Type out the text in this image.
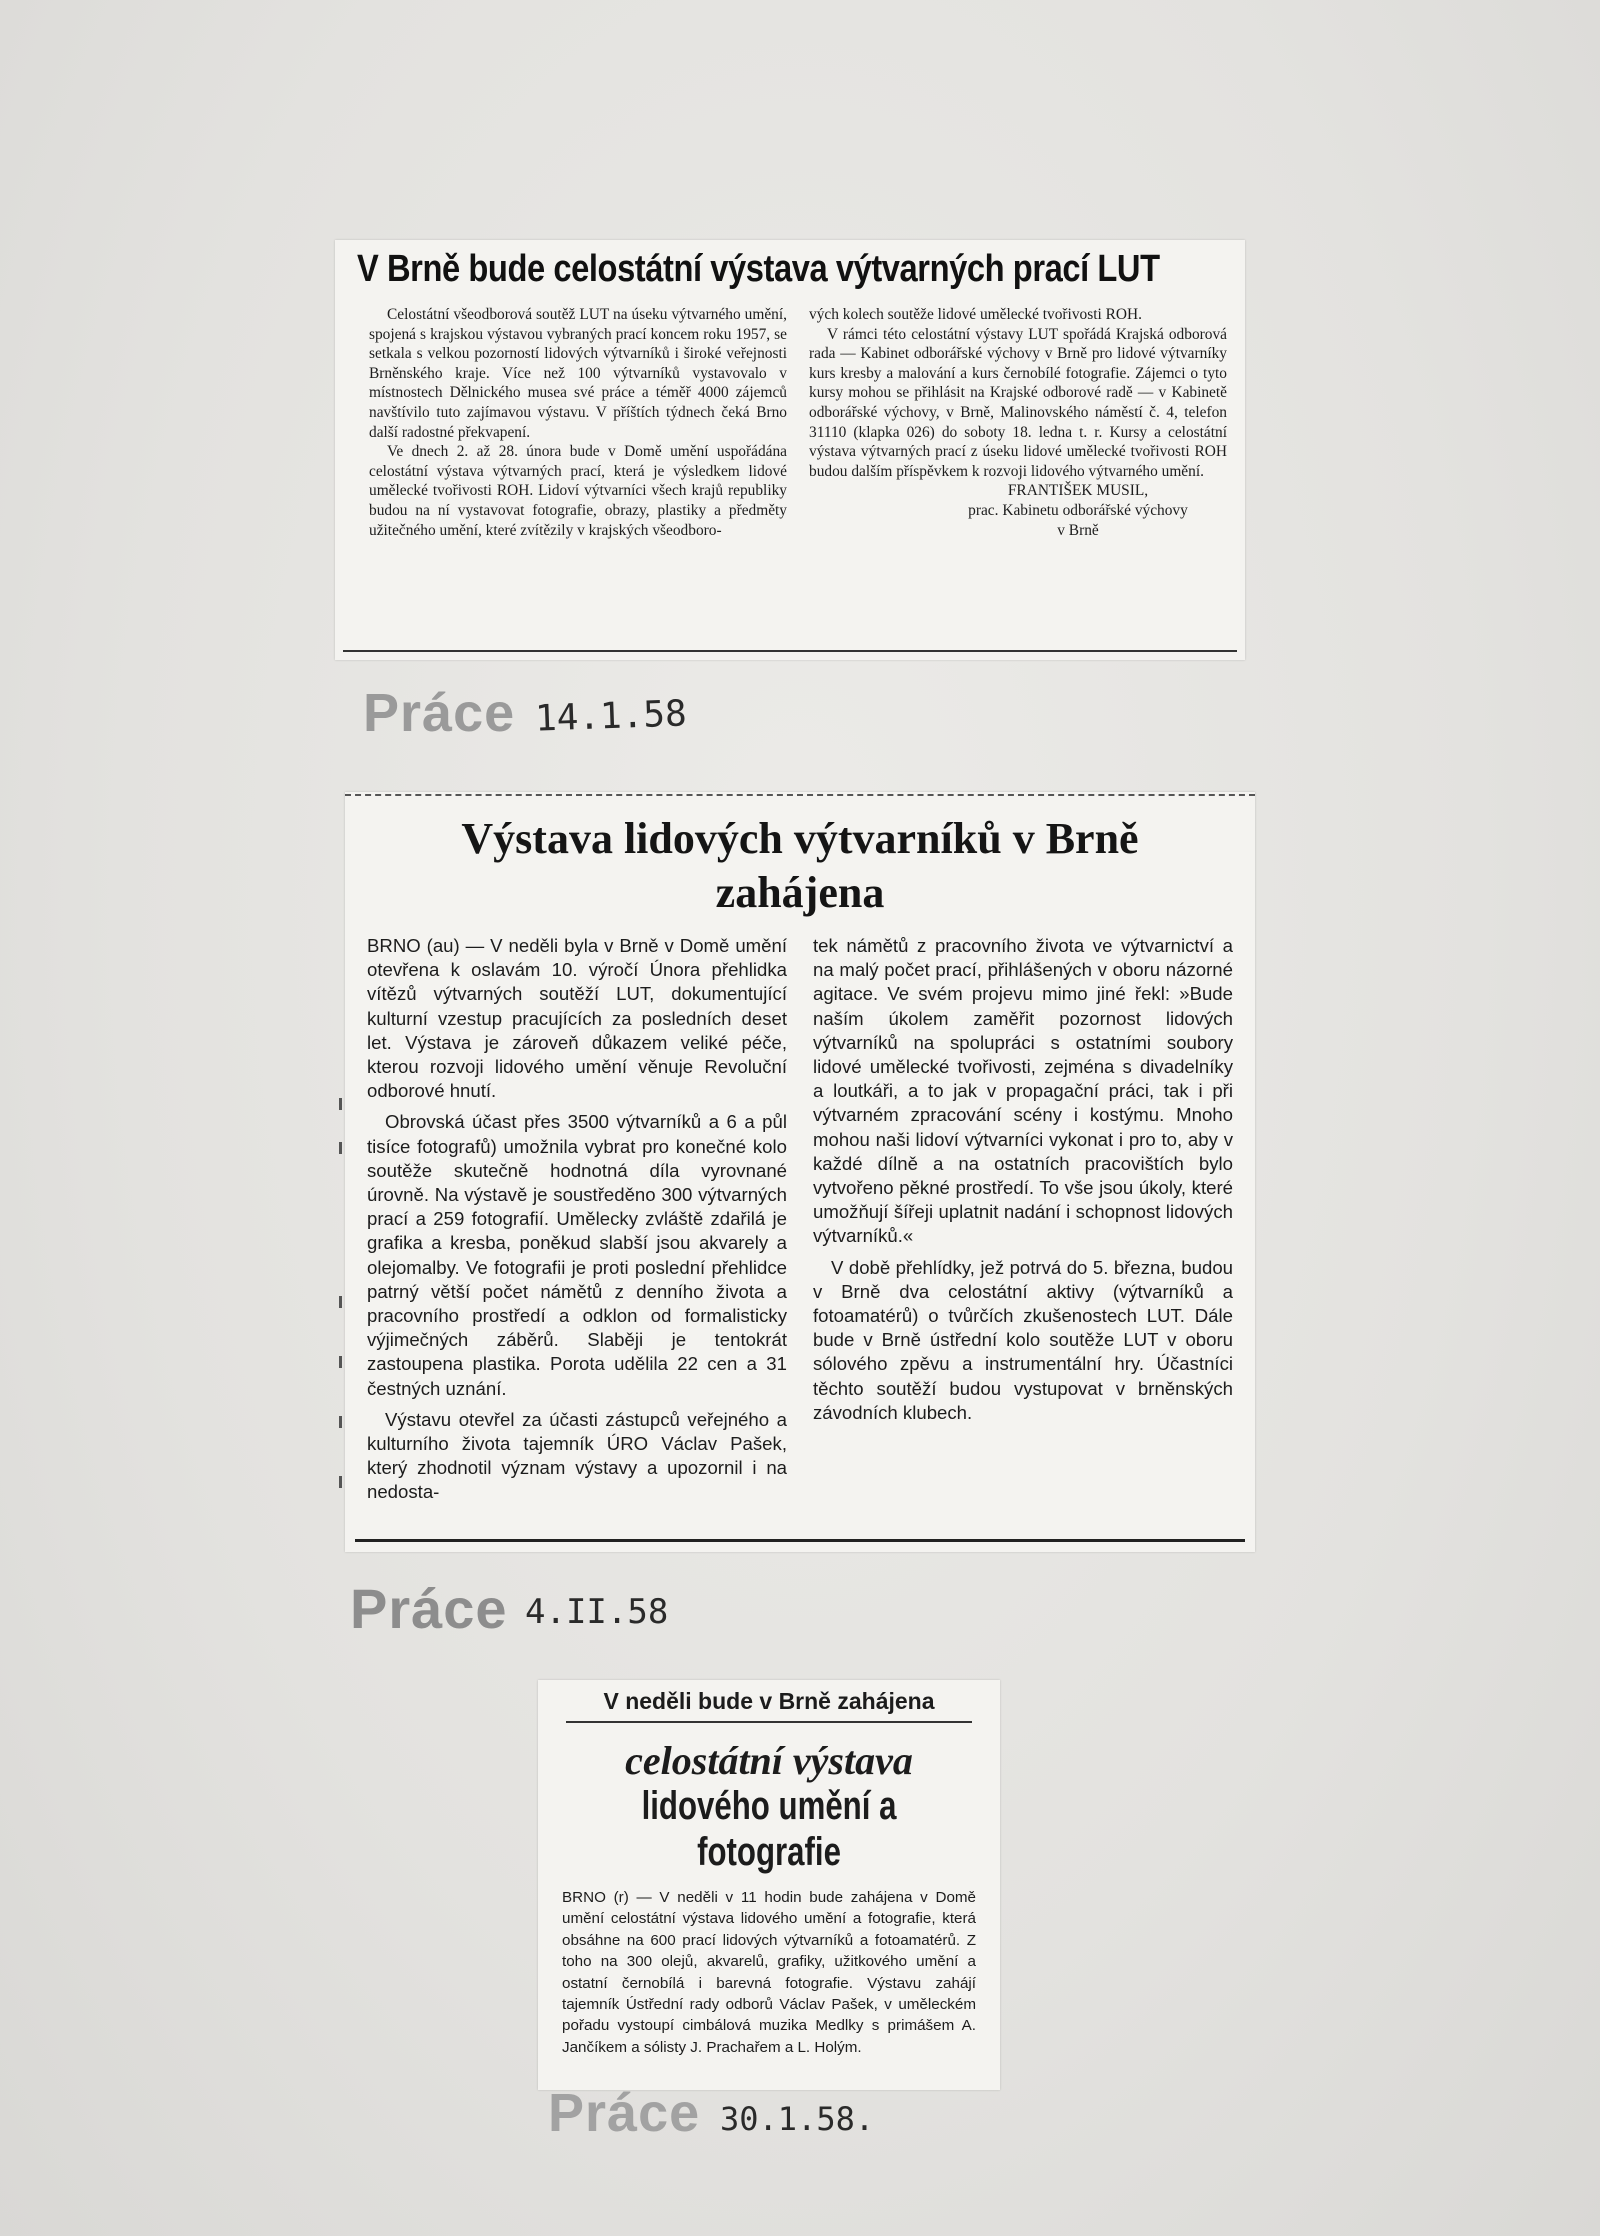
V Brně bude celostátní výstava výtvarných prací LUT

Celostátní všeodborová soutěž LUT na úseku výtvarného umění, spojená s krajskou výstavou vybraných prací koncem roku 1957, se setkala s velkou pozorností lidových výtvarníků i široké veřejnosti Brněnského kraje. Více než 100 výtvarníků vystavovalo v místnostech Dělnického musea své práce a téměř 4000 zájemců navštívilo tuto zajímavou výstavu. V příštích týdnech čeká Brno další radostné překvapení.

Ve dnech 2. až 28. února bude v Domě umění uspořádána celostátní výstava výtvarných prací, která je výsledkem lidové umělecké tvořivosti ROH. Lidoví výtvarníci všech krajů republiky budou na ní vystavovat fotografie, obrazy, plastiky a předměty užitečného umění, které zvítězily v krajských všeodboro-

vých kolech soutěže lidové umělecké tvořivosti ROH.

V rámci této celostátní výstavy LUT spořádá Krajská odborová rada — Kabinet odborářské výchovy v Brně pro lidové výtvarníky kurs kresby a malování a kurs černobílé fotografie. Zájemci o tyto kursy mohou se přihlásit na Krajské odborové radě — v Kabinetě odborářské výchovy, v Brně, Malinovského náměstí č. 4, telefon 31110 (klapka 026) do soboty 18. ledna t. r. Kursy a celostátní výstava výtvarných prací z úseku lidové umělecké tvořivosti ROH budou dalším příspěvkem k rozvoji lidového výtvarného umění.

FRANTIŠEK MUSIL,
prac. Kabinetu odborářské výchovy
v Brně
Práce 14.1.58
Výstava lidových výtvarníků v Brně
zahájena

BRNO (au) — V neděli byla v Brně v Domě umění otevřena k oslavám 10. výročí Února přehlidka vítězů výtvarných soutěží LUT, dokumentující kulturní vzestup pracujících za posledních deset let. Výstava je zároveň důkazem veliké péče, kterou rozvoji lidového umění věnuje Revoluční odborové hnutí.

Obrovská účast přes 3500 výtvarníků a 6 a půl tisíce fotografů) umožnila vybrat pro konečné kolo soutěže skutečně hodnotná díla vyrovnané úrovně. Na výstavě je soustředěno 300 výtvarných prací a 259 fotografií. Umělecky zvláště zdařilá je grafika a kresba, poněkud slabší jsou akvarely a olejomalby. Ve fotografii je proti poslední přehlidce patrný větší počet námětů z denního života a pracovního prostředí a odklon od formalisticky výjimečných záběrů. Slaběji je tentokrát zastoupena plastika. Porota udělila 22 cen a 31 čestných uznání.

Výstavu otevřel za účasti zástupců veřejného a kulturního života tajemník ÚRO Václav Pašek, který zhodnotil význam výstavy a upozornil i na nedosta-

tek námětů z pracovního života ve výtvarnictví a na malý počet prací, přihlášených v oboru názorné agitace. Ve svém projevu mimo jiné řekl: »Bude naším úkolem zaměřit pozornost lidových výtvarníků na spolupráci s ostatními soubory lidové umělecké tvořivosti, zejména s divadelníky a loutkáři, a to jak v propagační práci, tak i při výtvarném zpracování scény i kostýmu. Mnoho mohou naši lidoví výtvarníci vykonat i pro to, aby v každé dílně a na ostatních pracovištích bylo vytvořeno pěkné prostředí. To vše jsou úkoly, které umožňují šířeji uplatnit nadání i schopnost lidových výtvarníků.«

V době přehlídky, jež potrvá do 5. března, budou v Brně dva celostátní aktivy (výtvarníků a fotoamatérů) o tvůrčích zkušenostech LUT. Dále bude v Brně ústřední kolo soutěže LUT v oboru sólového zpěvu a instrumentální hry. Účastníci těchto soutěží budou vystupovat v brněnských závodních klubech.

Práce 4.II.58
V neděli bude v Brně zahájena
celostátní výstava
lidového umění a fotografie
BRNO (r) — V neděli v 11 hodin bude zahájena v Domě umění celostátní výstava lidového umění a fotografie, která obsáhne na 600 prací lidových výtvarníků a fotoamatérů. Z toho na 300 olejů, akvarelů, grafiky, užitkového umění a ostatní černobílá i barevná fotografie. Výstavu zahájí tajemník Ústřední rady odborů Václav Pašek, v uměleckém pořadu vystoupí cimbálová muzika Medlky s primášem A. Jančíkem a sólisty J. Prachařem a L. Holým.
Práce 30.1.58.
